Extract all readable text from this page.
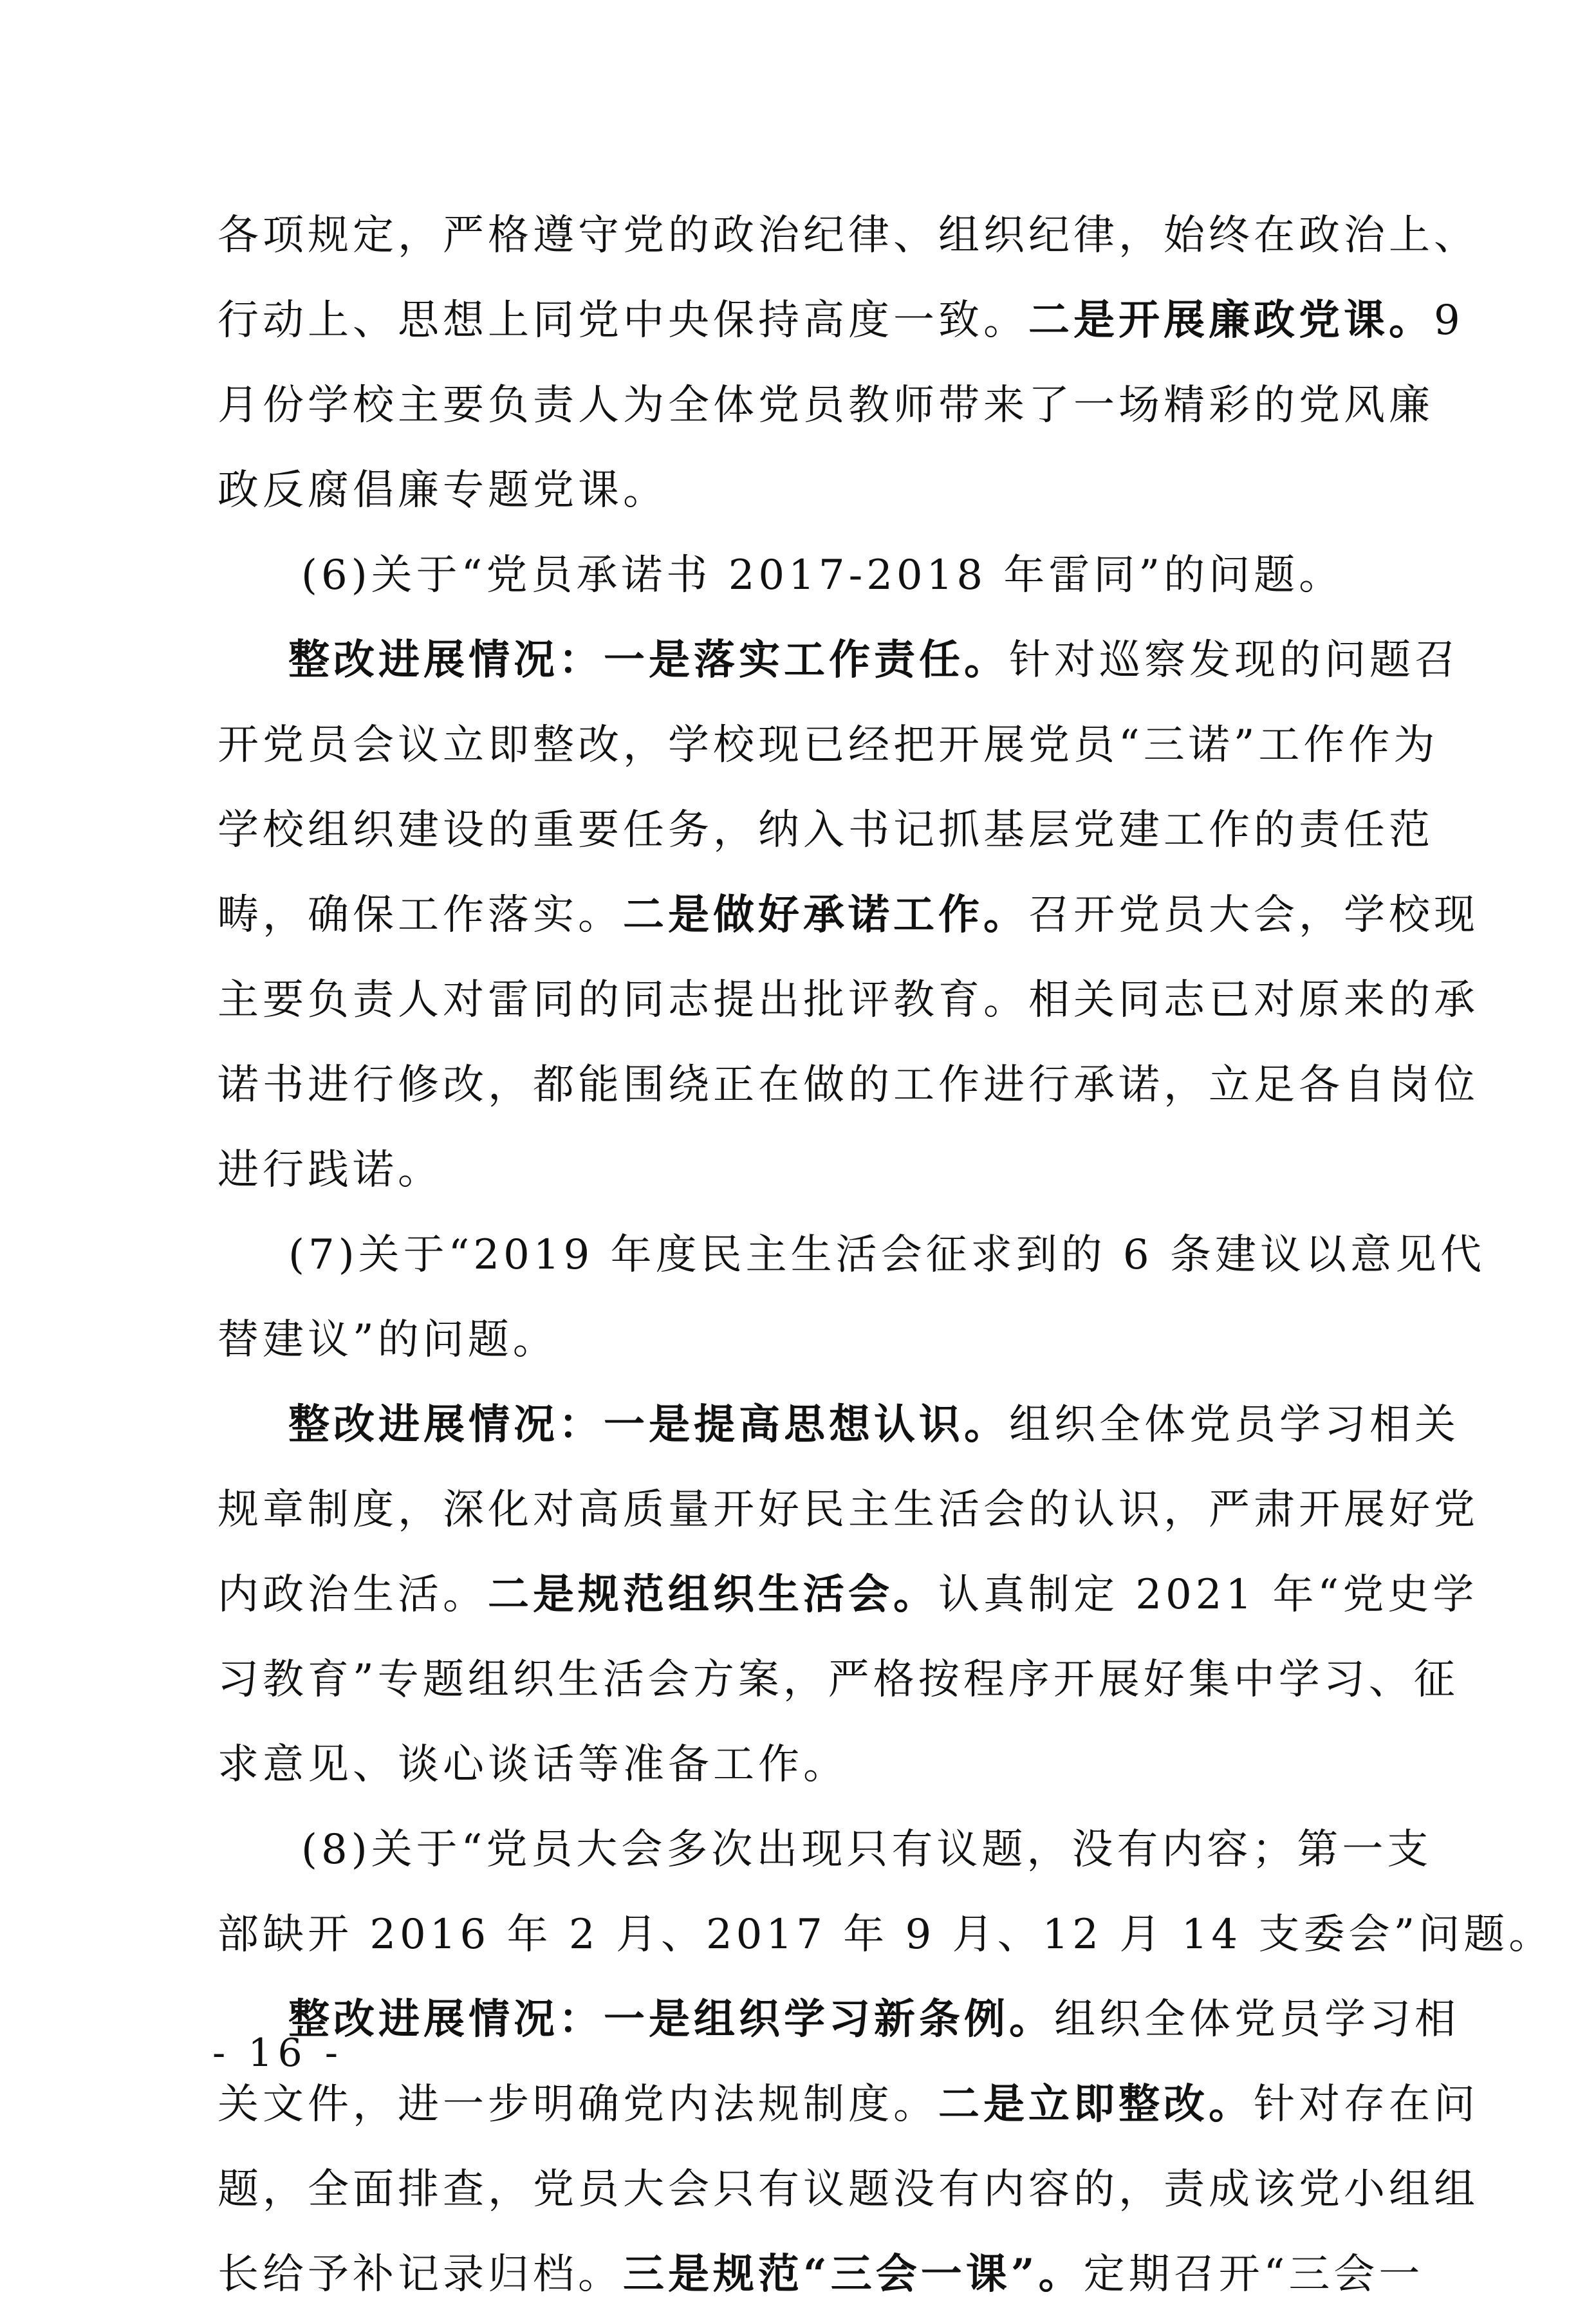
各项规定，严格遵守党的政治纪律、组织纪律，始终在政治上、
行动上、思想上同党中央保持高度一致。二是开展廉政党课。9
月份学校主要负责人为全体党员教师带来了一场精彩的党风廉
政反腐倡廉专题党课。
(6)关于“党员承诺书 2017-2018 年雷同”的问题。
整改进展情况：一是落实工作责任。针对巡察发现的问题召
开党员会议立即整改，学校现已经把开展党员“三诺”工作作为
学校组织建设的重要任务，纳入书记抓基层党建工作的责任范
畴，确保工作落实。二是做好承诺工作。召开党员大会，学校现
主要负责人对雷同的同志提出批评教育。相关同志已对原来的承
诺书进行修改，都能围绕正在做的工作进行承诺，立足各自岗位
进行践诺。
(7)关于“2019 年度民主生活会征求到的 6 条建议以意见代
替建议”的问题。
整改进展情况：一是提高思想认识。组织全体党员学习相关
规章制度，深化对高质量开好民主生活会的认识，严肃开展好党
内政治生活。二是规范组织生活会。认真制定 2021 年“党史学
习教育”专题组织生活会方案，严格按程序开展好集中学习、征
求意见、谈心谈话等准备工作。
(8)关于“党员大会多次出现只有议题，没有内容；第一支
部缺开 2016 年 2 月、2017 年 9 月、12 月 14 支委会”问题。
整改进展情况：一是组织学习新条例。组织全体党员学习相
关文件，进一步明确党内法规制度。二是立即整改。针对存在问
题，全面排查，党员大会只有议题没有内容的，责成该党小组组
长给予补记录归档。三是规范“三会一课”。定期召开“三会一
- 16 -
